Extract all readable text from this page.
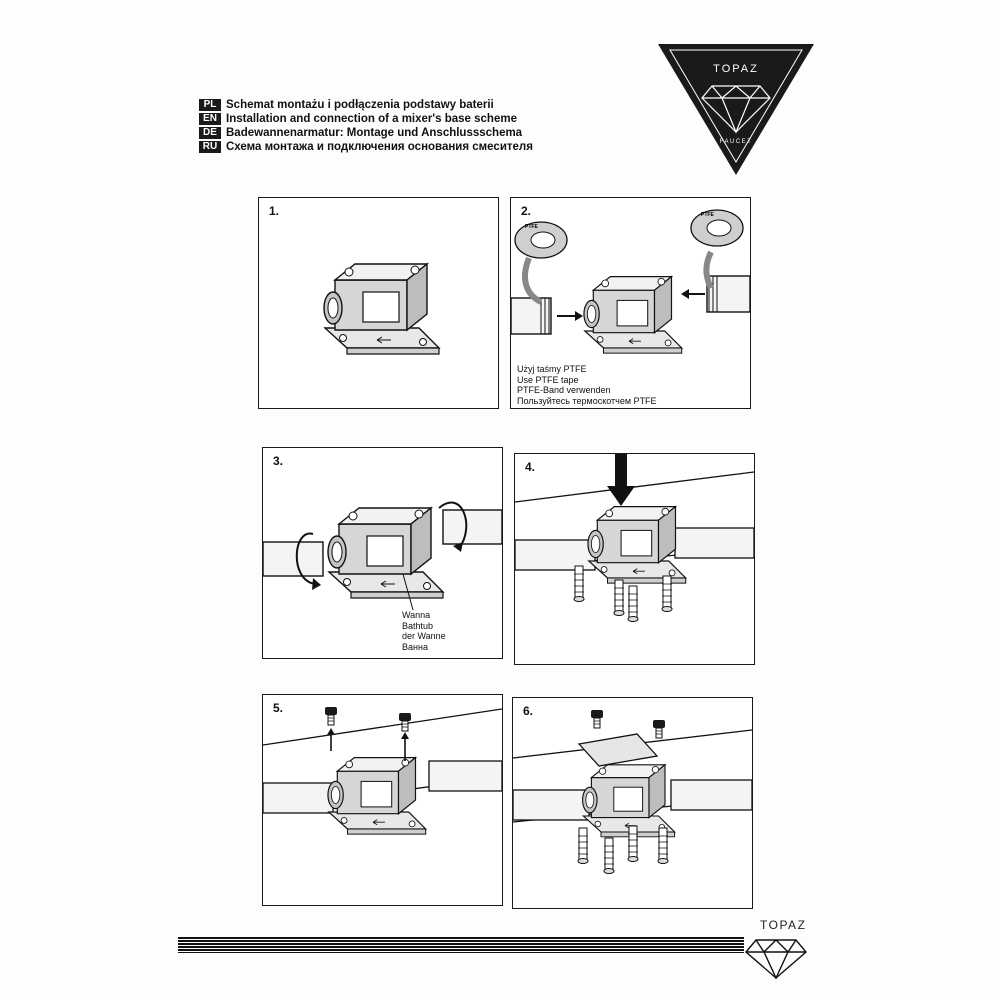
TOPAZ
FAUCET
PL Schemat montażu i podłączenia podstawy baterii
EN Installation and connection of a mixer's base scheme
DE Badewannenarmatur: Montage und Anschlussschema
RU Схема монтажа и подключения основания смесителя
1.	2.
PTFE
PTFE
Użyj taśmy PTFE
Use PTFE tape
PTFE-Band verwenden
Пользуйтесь термоскотчем PTFE
3.
Wanna
Bathtub
der Wanne
Ванна
4.
5.	6.
TOPAZ
